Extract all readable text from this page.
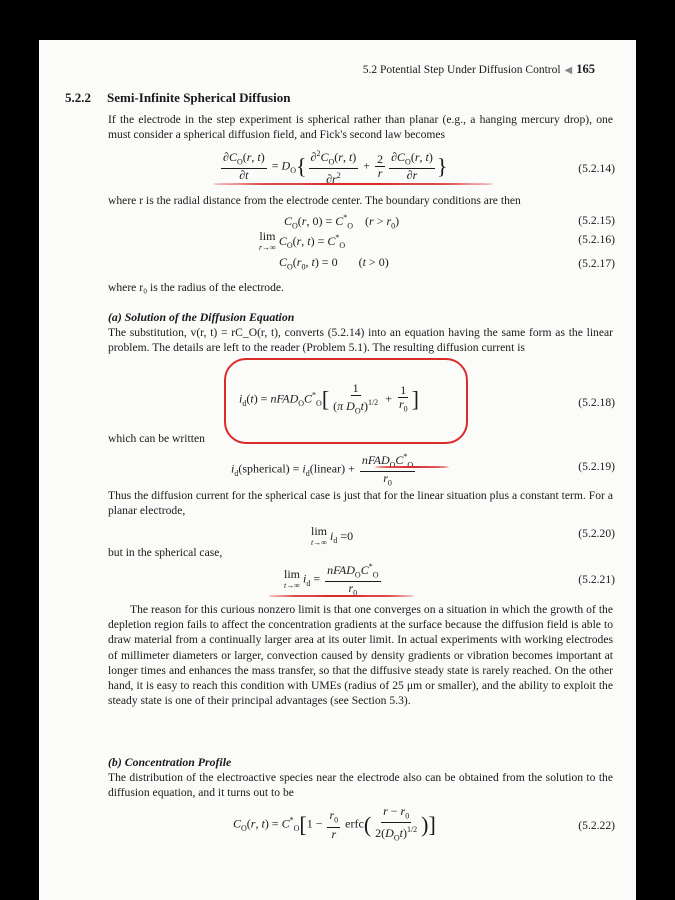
5.2 Potential Step Under Diffusion Control ◀ 165
5.2.2 Semi-Infinite Spherical Diffusion
If the electrode in the step experiment is spherical rather than planar (e.g., a hanging mercury drop), one must consider a spherical diffusion field, and Fick's second law becomes
$\frac{\partial C_O(r, t)}{\partial t} = D_O\{ \frac{\partial^2C_O(r, t)}{\partial r^2} + \frac{2}{r} \frac{\partial C_O(r, t)}{\partial r}$ }	(5.2.14)
where r is the radial distance from the electrode center. The boundary conditions are then
$C_O(r$, $0) = C^*_O$    $(r > r_0)$	(5.2.15)
lim
r→∞ $C_O(r$, $t) = C^*_O$	(5.2.16)
$C_O(r_0$, t) = 0       (t > 0)	(5.2.17)
where r₀ is the radius of the electrode.
(a) Solution of the Diffusion Equation
The substitution, v(r, t) = rC_O(r, t), converts (5.2.14) into an equation having the same form as the linear problem. The details are left to the reader (Problem 5.1). The resulting diffusion current is
$i_d(t)$ = $nFAD_OC^*_O[ \frac{1}{(\pi D_Ot)^{1/2}} + \frac{1}{r_0}$ ]	(5.2.18)
which can be written
$i_d(spherical)$ = $i_d(linear) + \frac{nFAD_OC^*_O}{r_0}$	(5.2.19)
Thus the diffusion current for the spherical case is just that for the linear situation plus a constant term. For a planar electrode,
lim
t→∞ $i_d =0$	(5.2.20)
but in the spherical case,
lim
t→∞ $i_d = \frac{nFAD_OC^*_O}{r_0}$	(5.2.21)
The reason for this curious nonzero limit is that one converges on a situation in which the growth of the depletion region fails to affect the concentration gradients at the surface because the diffusion field is able to draw material from a continually larger area at its outer limit. In actual experiments with working electrodes of millimeter diameters or larger, convection caused by density gradients or vibration becomes important at longer times and enhances the mass transfer, so that the diffusive steady state is rarely reached. On the other hand, it is easy to reach this condition with UMEs (radius of 25 μm or smaller), and the ability to exploit the steady state is one of their principal advantages (see Section 5.3).
(b) Concentration Profile
The distribution of the electroactive species near the electrode also can be obtained from the solution to the diffusion equation, and it turns out to be
$C_O(r$, $t) = C^*_O[1 - \frac{r_0}{r}$ erfc( $\frac{r - r_0}{2(D_Ot)^{1/2}}$ )]	(5.2.22)
